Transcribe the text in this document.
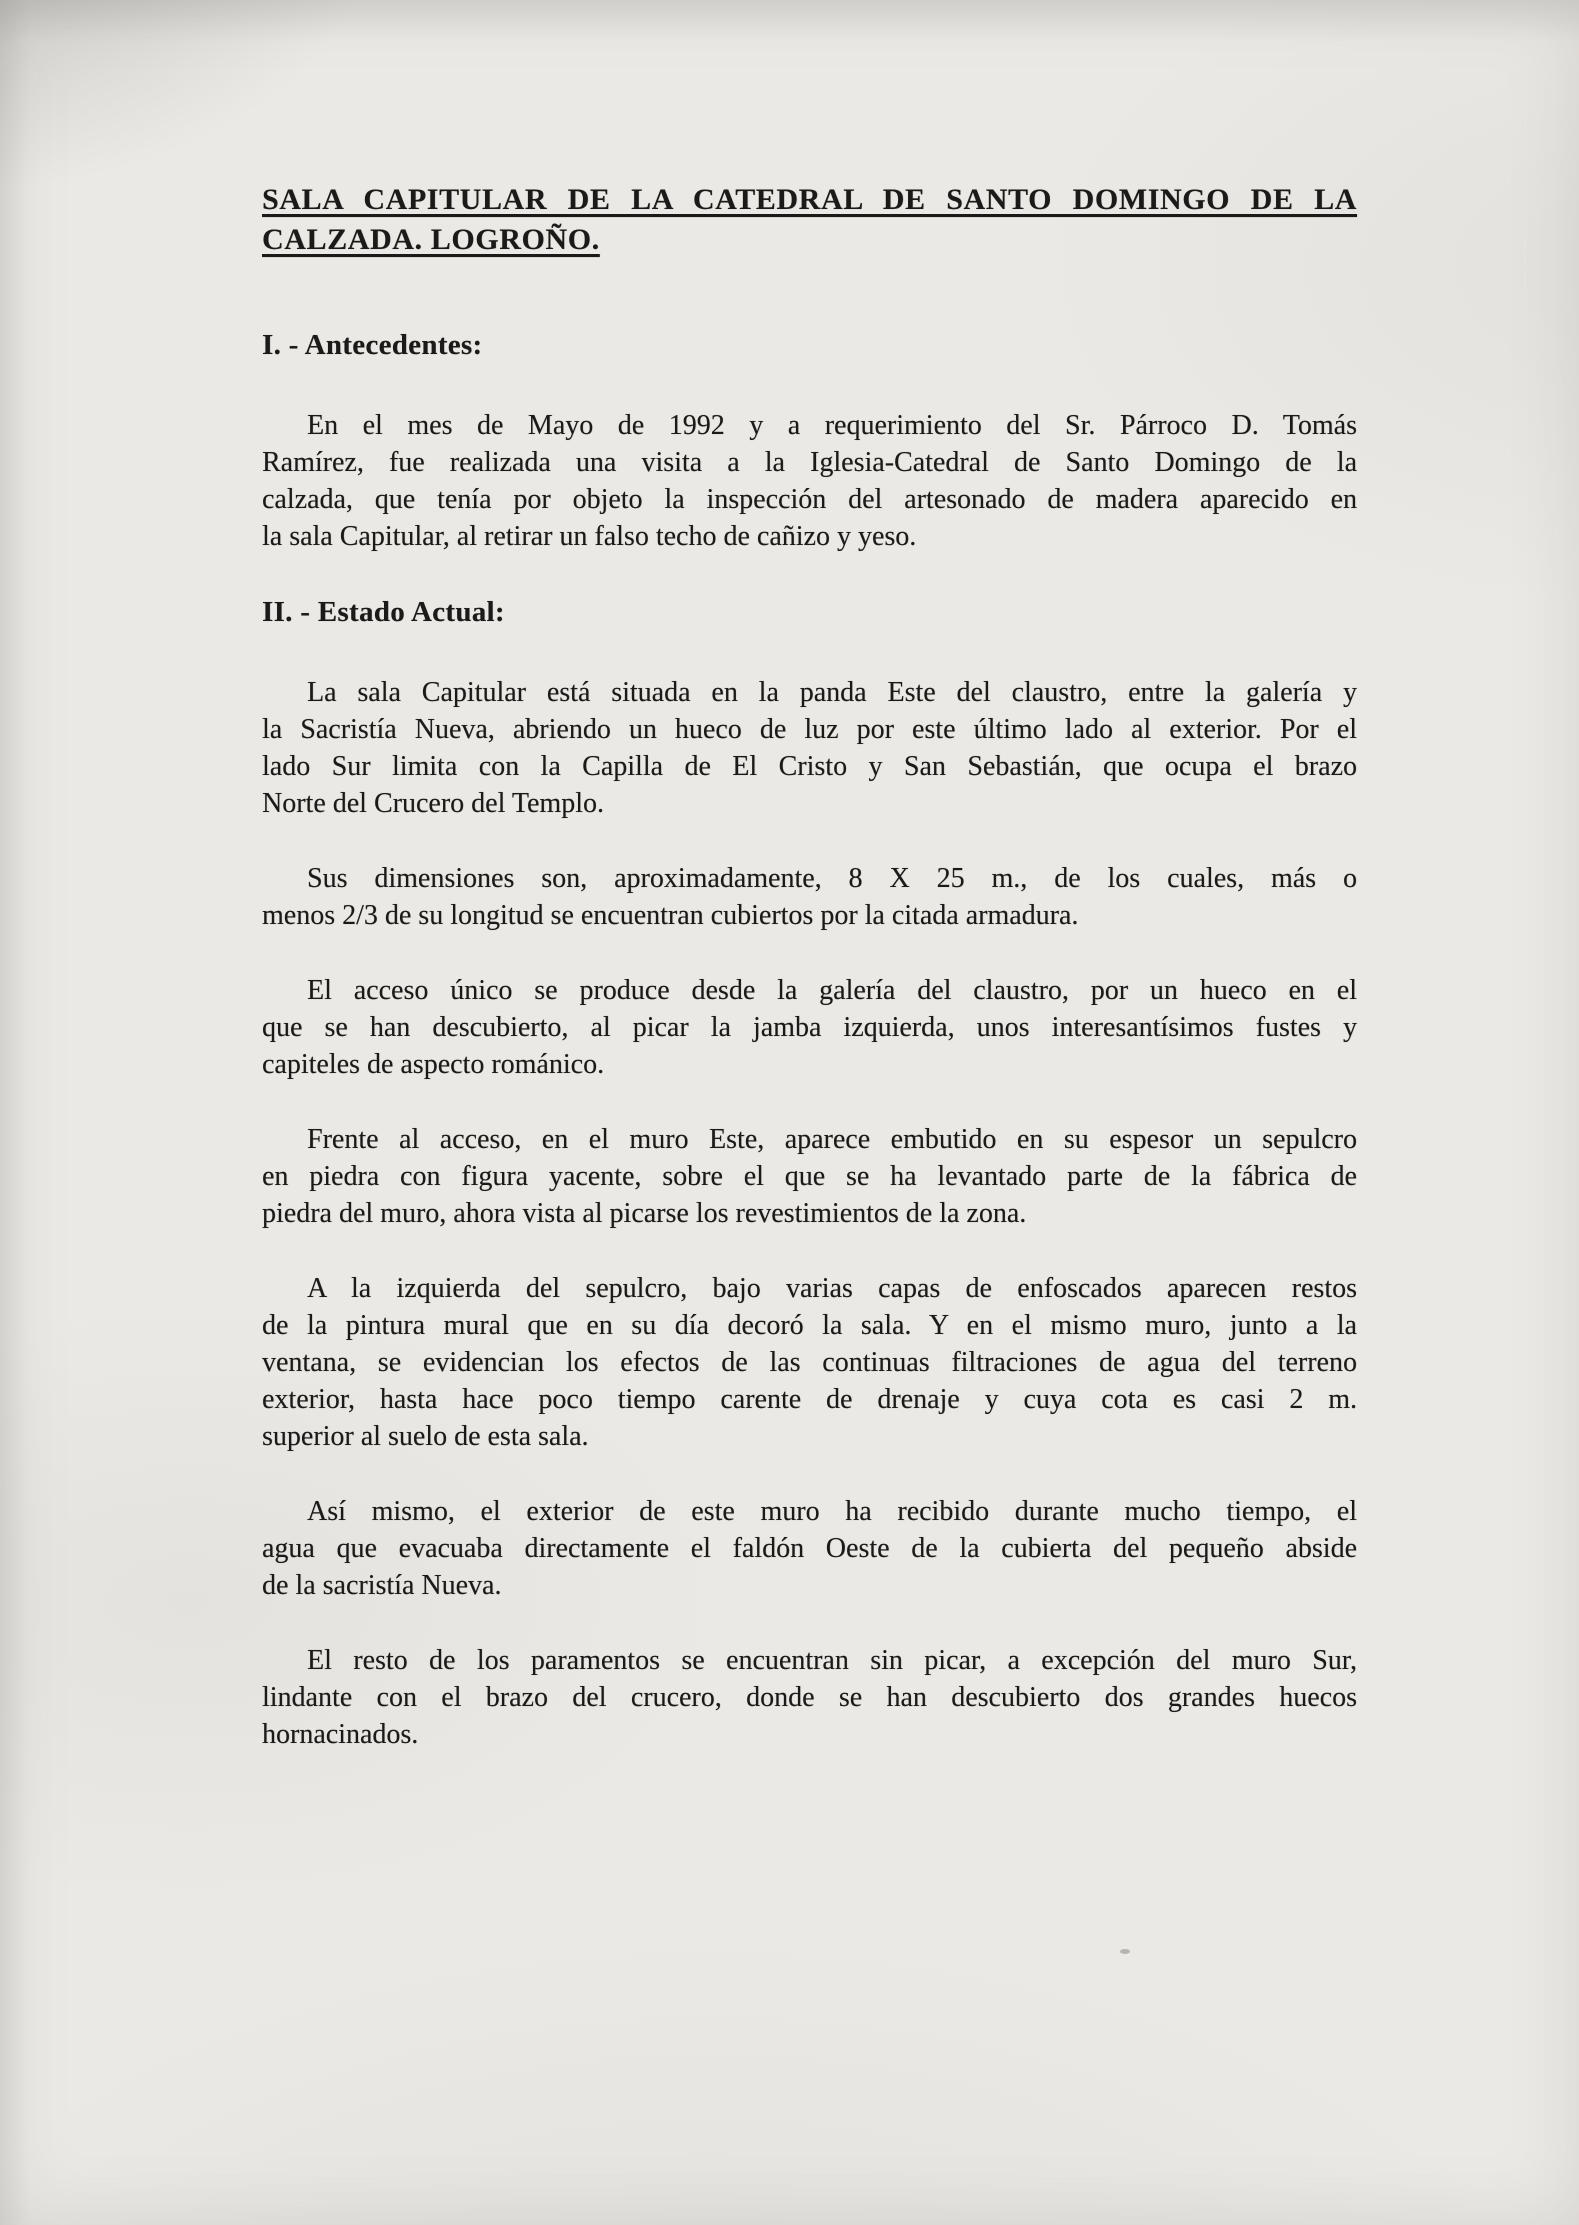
SALA CAPITULAR DE LA CATEDRAL DE SANTO DOMINGO DE LA
CALZADA. LOGROÑO.
I. - Antecedentes:
En el mes de Mayo de 1992 y a requerimiento del Sr. Párroco D. Tomás
Ramírez, fue realizada una visita a la Iglesia-Catedral de Santo Domingo de la
calzada, que tenía por objeto la inspección del artesonado de madera aparecido en
la sala Capitular, al retirar un falso techo de cañizo y yeso.
II. - Estado Actual:
La sala Capitular está situada en la panda Este del claustro, entre la galería y
la Sacristía Nueva, abriendo un hueco de luz por este último lado al exterior. Por el
lado Sur limita con la Capilla de El Cristo y San Sebastián, que ocupa el brazo
Norte del Crucero del Templo.
Sus dimensiones son, aproximadamente, 8 X 25 m., de los cuales, más o
menos 2/3 de su longitud se encuentran cubiertos por la citada armadura.
El acceso único se produce desde la galería del claustro, por un hueco en el
que se han descubierto, al picar la jamba izquierda, unos interesantísimos fustes y
capiteles de aspecto románico.
Frente al acceso, en el muro Este, aparece embutido en su espesor un sepulcro
en piedra con figura yacente, sobre el que se ha levantado parte de la fábrica de
piedra del muro, ahora vista al picarse los revestimientos de la zona.
A la izquierda del sepulcro, bajo varias capas de enfoscados aparecen restos
de la pintura mural que en su día decoró la sala. Y en el mismo muro, junto a la
ventana, se evidencian los efectos de las continuas filtraciones de agua del terreno
exterior, hasta hace poco tiempo carente de drenaje y cuya cota es casi 2 m.
superior al suelo de esta sala.
Así mismo, el exterior de este muro ha recibido durante mucho tiempo, el
agua que evacuaba directamente el faldón Oeste de la cubierta del pequeño abside
de la sacristía Nueva.
El resto de los paramentos se encuentran sin picar, a excepción del muro Sur,
lindante con el brazo del crucero, donde se han descubierto dos grandes huecos
hornacinados.
